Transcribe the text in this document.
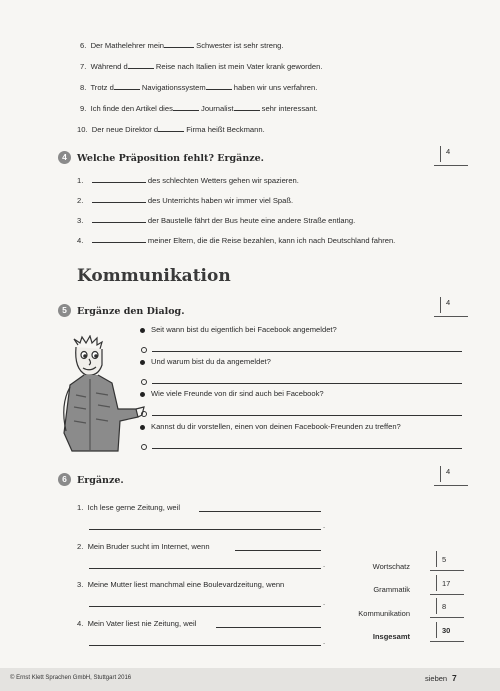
6. Der Mathelehrer mein	Schwester ist sehr streng.
7. Während d	Reise nach Italien ist mein Vater krank geworden.
8. Trotz d	Navigationssystem	haben wir uns verfahren.
9. Ich finde den Artikel dies	Journalist	sehr interessant.
10. Der neue Direktor d	Firma heißt Beckmann.
4	Welche Präposition fehlt? Ergänze.
4
1.	des schlechten Wetters gehen wir spazieren.
2.	des Unterrichts haben wir immer viel Spaß.
3.	der Baustelle fährt der Bus heute eine andere Straße entlang.
4.	meiner Eltern, die die Reise bezahlen, kann ich nach Deutschland fahren.
Kommunikation
5	Ergänze den Dialog.
4
Seit wann bist du eigentlich bei Facebook angemeldet?
Und warum bist du da angemeldet?
Wie viele Freunde von dir sind auch bei Facebook?
Kannst du dir vorstellen, einen von deinen Facebook-Freunden zu treffen?
6	Ergänze.
4
1. Ich lese gerne Zeitung, weil
.
2. Mein Bruder sucht im Internet, wenn
.
3. Meine Mutter liest manchmal eine Boulevardzeitung, wenn
.
4. Mein Vater liest nie Zeitung, weil
.
Wortschatz
5
Grammatik
17
Kommunikation
8
Insgesamt
30
© Ernst Klett Sprachen GmbH, Stuttgart 2016	sieben 7
